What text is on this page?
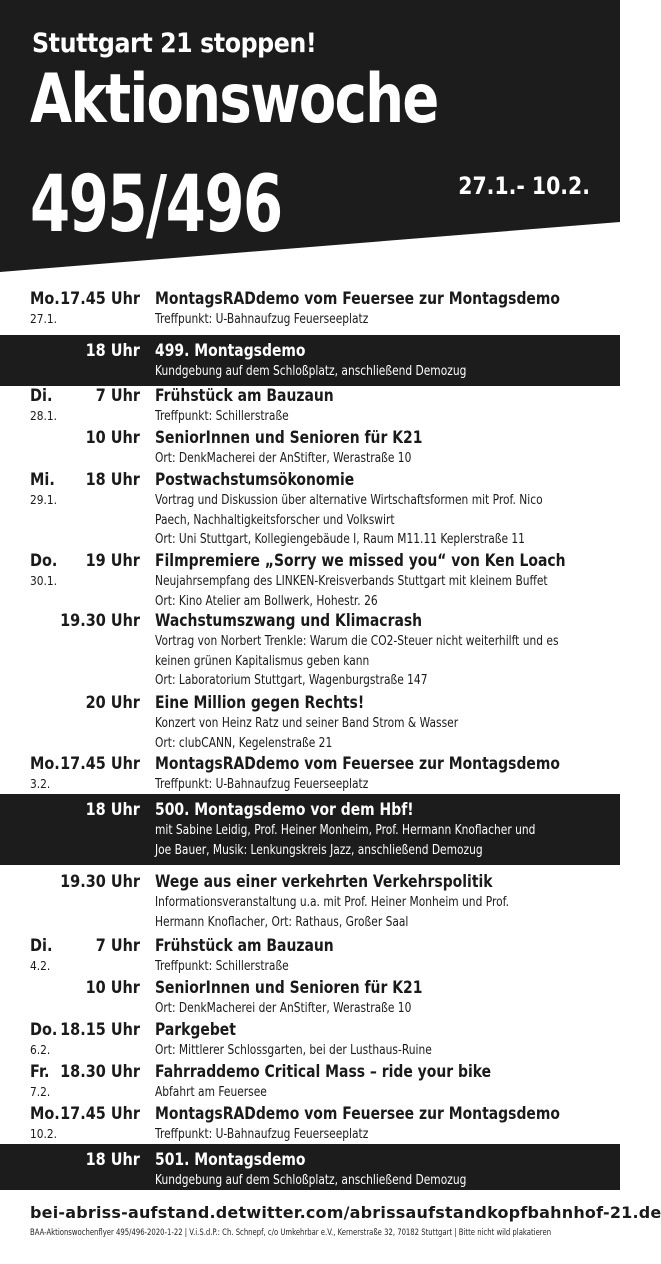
Stuttgart 21 stoppen!
Aktionswoche
495/496	27.1.- 10.2.
Mo.
27.1.
17.45 Uhr MontagsRADdemo vom Feuersee zur Montagsdemo
Treffpunkt: U-Bahnaufzug Feuerseeplatz
18 Uhr 499. Montagsdemo
Kundgebung auf dem Schloßplatz, anschließend Demozug
Di.
28.1.
7 Uhr Frühstück am Bauzaun
Treffpunkt: Schillerstraße
10 Uhr SeniorInnen und Senioren für K21
Ort: DenkMacherei der AnStifter, Werastraße 10
Mi.
29.1.
18 Uhr Postwachstumsökonomie
Vortrag und Diskussion über alternative Wirtschaftsformen mit Prof. Nico
Paech, Nachhaltigkeitsforscher und Volkswirt
Ort: Uni Stuttgart, Kollegiengebäude I, Raum M11.11 Keplerstraße 11
Do.
30.1.
19 Uhr Filmpremiere „Sorry we missed you“ von Ken Loach
Neujahrsempfang des LINKEN-Kreisverbands Stuttgart mit kleinem Buffet
Ort: Kino Atelier am Bollwerk, Hohestr. 26
19.30 Uhr Wachstumszwang und Klimacrash
Vortrag von Norbert Trenkle: Warum die CO2-Steuer nicht weiterhilft und es
keinen grünen Kapitalismus geben kann
Ort: Laboratorium Stuttgart, Wagenburgstraße 147
20 Uhr Eine Million gegen Rechts!
Konzert von Heinz Ratz und seiner Band Strom & Wasser
Ort: clubCANN, Kegelenstraße 21
Mo.
3.2.
17.45 Uhr MontagsRADdemo vom Feuersee zur Montagsdemo
Treffpunkt: U-Bahnaufzug Feuerseeplatz
18 Uhr 500. Montagsdemo vor dem Hbf!
mit Sabine Leidig, Prof. Heiner Monheim, Prof. Hermann Knoflacher und
Joe Bauer, Musik: Lenkungskreis Jazz, anschließend Demozug
19.30 Uhr Wege aus einer verkehrten Verkehrspolitik
Informationsveranstaltung u.a. mit Prof. Heiner Monheim und Prof.
Hermann Knoflacher, Ort: Rathaus, Großer Saal
Di.
4.2.
7 Uhr Frühstück am Bauzaun
Treffpunkt: Schillerstraße
10 Uhr SeniorInnen und Senioren für K21
Ort: DenkMacherei der AnStifter, Werastraße 10
Do.
6.2.
18.15 Uhr Parkgebet
Ort: Mittlerer Schlossgarten, bei der Lusthaus-Ruine
Fr.
7.2.
18.30 Uhr Fahrraddemo Critical Mass – ride your bike
Abfahrt am Feuersee
Mo.
10.2.
17.45 Uhr MontagsRADdemo vom Feuersee zur Montagsdemo
Treffpunkt: U-Bahnaufzug Feuerseeplatz
18 Uhr 501. Montagsdemo
Kundgebung auf dem Schloßplatz, anschließend Demozug
bei-abriss-aufstand.de twitter.com/abrissaufstand kopfbahnhof-21.de
BAA-Aktionswochenflyer 495/496-2020-1-22 | V.i.S.d.P.: Ch. Schnepf, c/o Umkehrbar e.V., Kernerstraße 32, 70182 Stuttgart | Bitte nicht wild plakatieren
